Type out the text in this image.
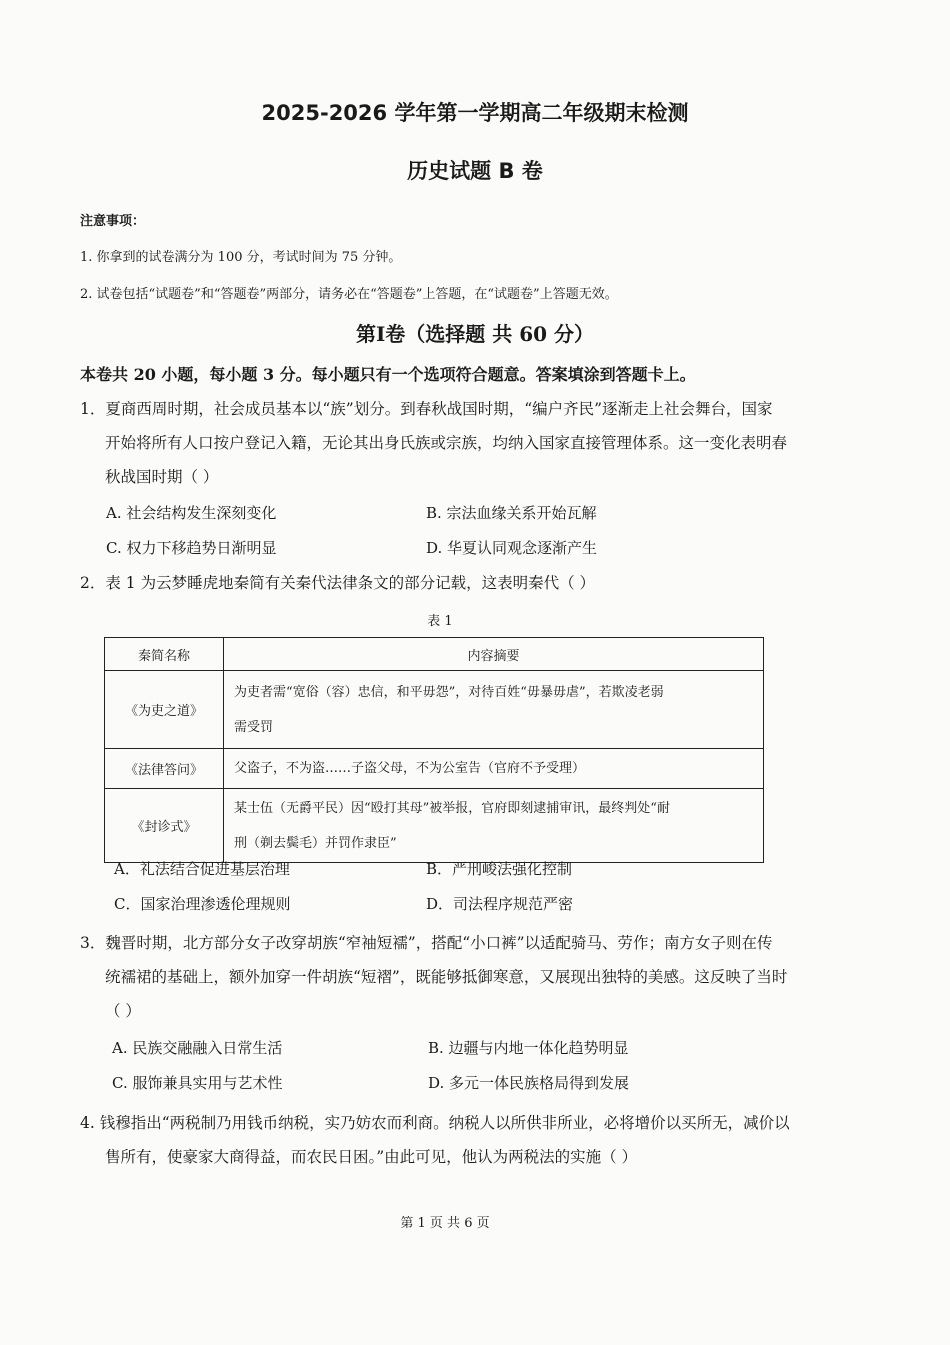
2025-2026 学年第一学期高二年级期末检测
历史试题 B 卷
注意事项：
1. 你拿到的试卷满分为 100 分，考试时间为 75 分钟。
2. 试卷包括“试题卷”和“答题卷”两部分，请务必在“答题卷”上答题，在“试题卷”上答题无效。
第Ⅰ卷（选择题 共 60 分）
本卷共 20 小题，每小题 3 分。每小题只有一个选项符合题意。答案填涂到答题卡上。
1．夏商西周时期，社会成员基本以“族”划分。到春秋战国时期，“编户齐民”逐渐走上社会舞台，国家
开始将所有人口按户登记入籍，无论其出身氏族或宗族，均纳入国家直接管理体系。这一变化表明春
秋战国时期（ ）
A. 社会结构发生深刻变化	B. 宗法血缘关系开始瓦解
C. 权力下移趋势日渐明显	D. 华夏认同观念逐渐产生
2．表 1 为云梦睡虎地秦简有关秦代法律条文的部分记载，这表明秦代（ ）
表 1
秦简名称	内容摘要
《为吏之道》	为吏者需“宽俗（容）忠信，和平毋怨”，对待百姓“毋暴毋虐”，若欺凌老弱
需受罚

《法律答问》	父盗子，不为盗……子盗父母，不为公室告（官府不予受理）

《封诊式》	某士伍（无爵平民）因“殴打其母”被举报，官府即刻逮捕审讯，最终判处“耐
刑（剃去鬓毛）并罚作隶臣”
A．礼法结合促进基层治理	B．严刑峻法强化控制
C．国家治理渗透伦理规则	D．司法程序规范严密
3．魏晋时期，北方部分女子改穿胡族“窄袖短襦”，搭配“小口裤”以适配骑马、劳作；南方女子则在传
统襦裙的基础上，额外加穿一件胡族“短褶”，既能够抵御寒意，又展现出独特的美感。这反映了当时
（ ）
A. 民族交融融入日常生活	B. 边疆与内地一体化趋势明显
C. 服饰兼具实用与艺术性	D. 多元一体民族格局得到发展
4. 钱穆指出“两税制乃用钱币纳税，实乃妨农而利商。纳税人以所供非所业，必将增价以买所无，减价以
售所有，使豪家大商得益，而农民日困。”由此可见，他认为两税法的实施（ ）
第 1 页 共 6 页
